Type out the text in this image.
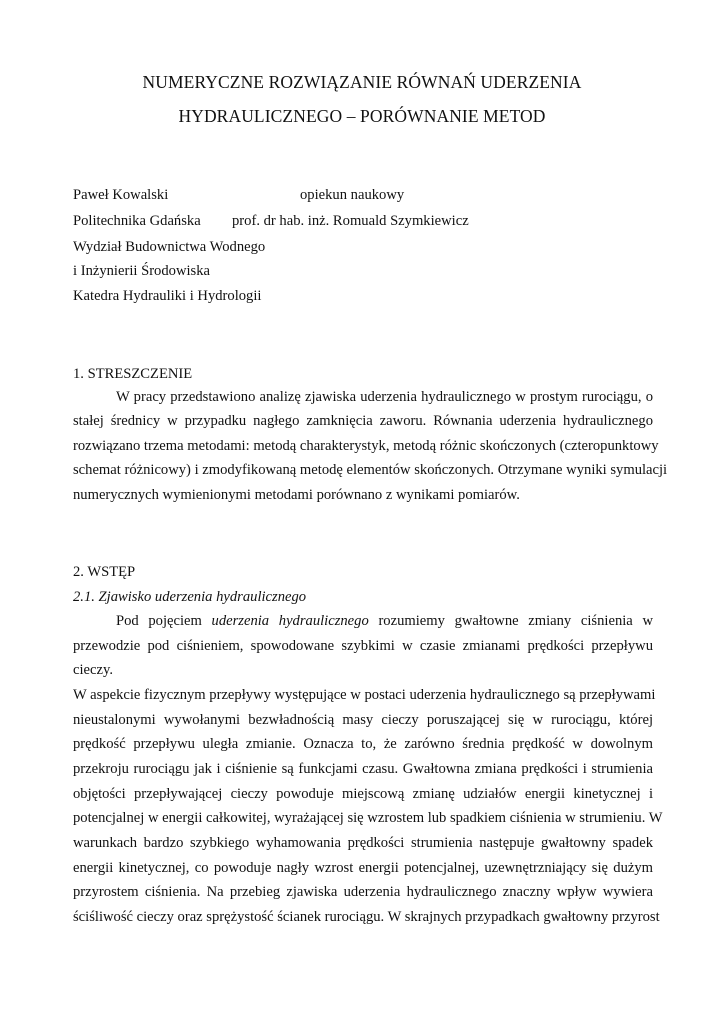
NUMERYCZNE ROZWIĄZANIE RÓWNAŃ UDERZENIA
HYDRAULICZNEGO – PORÓWNANIE METOD
Paweł Kowalski	opiekun naukowy
Politechnika Gdańska prof. dr hab. inż. Romuald Szymkiewicz
Wydział Budownictwa Wodnego
i Inżynierii Środowiska
Katedra Hydrauliki i Hydrologii
1. STRESZCZENIE
W pracy przedstawiono analizę zjawiska uderzenia hydraulicznego w prostym rurociągu, o
stałej średnicy w przypadku nagłego zamknięcia zaworu. Równania uderzenia hydraulicznego
rozwiązano trzema metodami: metodą charakterystyk, metodą różnic skończonych (czteropunktowy
schemat różnicowy) i zmodyfikowaną metodę elementów skończonych. Otrzymane wyniki symulacji
numerycznych wymienionymi metodami porównano z wynikami pomiarów.
2. WSTĘP
2.1. Zjawisko uderzenia hydraulicznego
Pod pojęciem uderzenia hydraulicznego rozumiemy gwałtowne zmiany ciśnienia w
przewodzie pod ciśnieniem, spowodowane szybkimi w czasie zmianami prędkości przepływu
cieczy.
W aspekcie fizycznym przepływy występujące w postaci uderzenia hydraulicznego są przepływami
nieustalonymi wywołanymi bezwładnością masy cieczy poruszającej się w rurociągu, której
prędkość przepływu uległa zmianie. Oznacza to, że zarówno średnia prędkość w dowolnym
przekroju rurociągu jak i ciśnienie są funkcjami czasu. Gwałtowna zmiana prędkości i strumienia
objętości przepływającej cieczy powoduje miejscową zmianę udziałów energii kinetycznej i
potencjalnej w energii całkowitej, wyrażającej się wzrostem lub spadkiem ciśnienia w strumieniu. W
warunkach bardzo szybkiego wyhamowania prędkości strumienia następuje gwałtowny spadek
energii kinetycznej, co powoduje nagły wzrost energii potencjalnej, uzewnętrzniający się dużym
przyrostem ciśnienia. Na przebieg zjawiska uderzenia hydraulicznego znaczny wpływ wywiera
ściśliwość cieczy oraz sprężystość ścianek rurociągu. W skrajnych przypadkach gwałtowny przyrost
